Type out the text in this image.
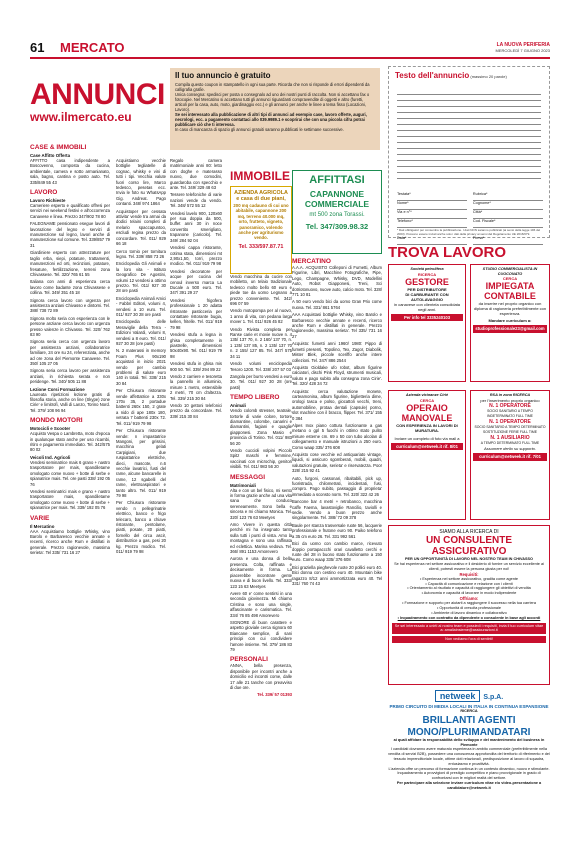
61 MERCATO	LA NUOVA PERIFERIA
MERCOLEDÌ 7 GIUGNO 2023
ANNUNCI
www.ilmercato.eu
Il tuo annuncio è gratuito

Compila questo coupon in stampatello in ogni sua parte. Ricorda che non si risponde di errori dipendenti da calligrafia grafie.

Unica consegna: spedisci per posta o consegnalo ad uno dei nostri punti di raccolta. Non si accettano fax o fotocopie. Nel Mercatino si accettano tutti gli annunci riguardanti compravendite di oggetti e altro (furetti, articoli per la casa, auto, moto, giardinaggio ecc.) e gli annunci per anche le linee a tema fisso (Locazioni, Lavoro).

Se sei interessato alla pubblicazione di altri tipi di annunci ad esempio case, lavoro offerte, auguri, necrologi, ecc. a pagamento contattaci allo 039.9989.1 e scoprirai che con una piccola cifra potrai pubblicare ciò che ti interessa.

In caso di mancanza di spazio gli annunci gratuiti saranno pubblicati le settimane successive.

Testo dell'annuncio (massimo 20 parole)
Testata*	Rubrica*
Nome*	Cognome*
Via e n°*	Città*
Telefono*	Cod. Fiscale*
* Dati obbligatori per consentire la pubblicazione. I dati NON saranno pubblicati (ai sensi della legge 196 del 2003). Possono essere inviati anche solo i dati della privacy ai sensi del Regolamento UE 2016/679.
Data*	Firma*
CASE & IMMOBILI
Case Affitto Offerta
AFFITTO casa indipendente a Boscovenno, composta da cucina, ambientale, camera e sotto armanianato, sala, bagno, cantina e posto auto. Tel. 335/849 55 43
LAVORO
Lavoro Richieste
Cameriere esperto e qualificato offresi per servizi nei weekend festivi e all'occorrenza Canavese e linea. Prezzo 347/902 78 80
FALEGNAME pensionato esegue lavori di lavorazione del legno e servizi di manutenzione sul legno, lavori anche di manutenzione sul comune. Tel. 339/857 79 31
Giardiniere esperto con attrezzature per taglio erba, siepi, potature, trattamenti, manutenzioni ed orti, recinzioni, potature, fresature, fertilizzazione, terreni zona Chivassese. Tel. 320/ 765 61 55
Italiana con anni di esperienza cerca lavoro come badante zona Chivassese e collina. Tel. 349/ 351 45 18
Signora cerca lavoro con urgenza per assistenza anziani Chivasso e dintorni. Tel. 388/ 738 72 89
Signora molto seria con esperienza con le persone anziane cerca lavoro con urgenza presso valenze in Chivasso. Tel. 320/ 762 83 90
Signora seria cerca con urgenza lavoro per assistenza anziani, collaboratrice familiare, 24 ore su 24, referenziata, anche ad ore zona del Piemonte Canavese. Tel. 350/ 105 27 05
Signora seria cerca lavoro per assistenza anziani, in richiesta serata e non peridenge. Tel. 340/ 505 11 88
Lezione Corsi Formazione
Laureata ripetizioni lezione gratis di filosofia storia, anche on line (Skype) zone Cirie' e limitrofi, Valli di Lanzo, Torino Nord. Tel. 379/ 108 96 94
MONDO MOTORI
Motocicli e Scooter
Acquisto Vespa o Lambretta, moto d'epoca in qualunque stato anche per uso ricambi, ritiro e pagamento immediato. Tel. 342/575 80 02
Veicoli Ind. Agricoli
Vendesi seminatrice mais 6 grano + nastro trasportatore per mais, spandiletame omologato come nuovo + botte di serbe e spianatrice mais. Tel. ore pasti 338/ 192 05 76
Vendesi seminatrici mais e grano + nastro trasportatore mais, spandiletame omologato come nuovo + botte di serbe + spianatrice per mais. Tel. 339/ 192 05 76
VARIE
Il Mercatino
AAA Acquistiamo bottiglie Whisky, vino Barolo e Barbaresco vecchie annate e recenti, ricerco anche Rum e distillati in generale. Prezzo ragionevole, massima serieta'. Tel 335/ 731 16 27
Acquistiamo vecchie bottiglie tegliatelle di cognac, whisky e vini di tutti i tipi. Vecchia valute fuori corso lire, Marco tedesco, pesetas ecc. Invia le foto su WhatsApp Gig. Andreat. Pago contanti. 348/ 974 1864
Acquistoper per cessata attivita' vende tra armai da dodici telaini completi di melario spaccapuntoo, escludi regina prezzo da concordare. Tel. 011/ 929 66 18
Cerco tornio per tornitura legno. Tel. 339/ 858 73 26
Enciclopedia Gli Animali e la loro vita - Istituto Geografico De Agostini, volumi 12 vendesi a ottimo prezzo. Tel. 011/ 927 30 28 ore pasti
Enciclopedia Animali Amici - Fabbri Editori, volumi 4, vendesi a 10 euro. Tel. 011/ 927 30 28 ore pasti
Enciclopedia delle Meraviglie della Terra - Edizioni Valardi, volumi 8, vendesi a 8 euro. Tel. 011/ 927 30 28 (ore pasti)
N. 2 materassi in memory Foam Plus 90x190 acquistati in inizio 2021 vendo per cambio problemi di salute euro 140 in totali. Tel. 338/ 215 30 84
Per Chiusura ristorante vende affettatrice a 330x 170x 35, 2 portadue battenti 260x 150, 2 grate a nido di ape 180x 180, vetrata 7 battenti 230x 72. Tel. 011/ 919 79 98
Per Chiusura ristorante vende: n impastatrice Mangoni, per grissini, macchina gelati Carpigiani, due ruspiattatrice elettriche, dieci, mascote, n.6 vecchie lavatrici, fusti del rame, alcune bancarelle in rame, 12 sgabelli del rame, elettroaspiratori e tanto altro. Tel. 011/ 919 79 98
Per Chiusura ristorante vendo n pellegrinatrie elettrico, banco e frigo telecaro, banco a chiave ristorante, pentolame, piatti, posate, 20 piatti, fornello del circa ascir, distributrice a gas, pesi 20 kg. Prezzo modico. Tel. 011/ 919 79 98
Regalo camera matrimoniale anni 80: letto con doghe e materasso nuovo, due comodini, guardaroba con specchio e ante. Tel. 349/ 329 48 63
Tessere telefoniche di varie nazioni vende da vendo. Tel. 348/ 572 55 12
Vendesi lavelo 900, 120x60 per sua doppia da 500, buffet anni 30 in noce convertito smerigliato, trapanone (caricolo). Tel. 349/ 284 92 04
Vendesi cappa ristorante, cotima stata, dimensioni mt 2,90x1,50, torri, prezzo modico. Tel. 011/ 919 79 98
Vendesi decoratore per acque per cucina del cenoul inverso marca La Ducale a 500 euro. Tel. 347/ 391 29 27
Vendesi frigofera professionale 1 20 adatta ristorante pasticceria per contattare ristorante bugia, kellen, fritelle. Tel. 011/ 919 79 98
Vendesi stufa a legna in ghisa completamente in piastrelle, dimensioni 50x40x90. Tel. 011/ 919 79 98
Vendesi stufa in ghisa mis 900 50. Tel. 339/ 294 89 22
Vendo 2 carriere e tesoretta la pannello in alluminio, misure 1 metro, estensibile 2 metri, 70 cm d'altezza. Tel. 339/ 215 30 84
Vendo 10 gettoni telefonici prezzo da concordare. Tel. 339/ 215 30 84
IMMOBILE
AZIENDA AGRICOLA e casa di due piani,
200 mq cadauno di cui uno abitabile, capannone 200 mq, terreno 40.000 mq, orto, frutteto, vigneto, panoramico, volendo anche per agriturismo vendo.
Tel. 333/597.87.71
Vendo macchina da cucire con mobiletto, un telaio tradizionale tedesco molto bello 60 euro e piede toe da uomo Legnano a prezzo conveniente. Tel. 342/ 696 07 59
Vendo motopompa per al nuovo, 1 anno di vita, con pedana larga mover 1. Tel. 011/ 926 45 82
Vendo Rivista completa per Ranse carie et movie nuove n. 4 135/ 137 70, n. 2 160/ 137 70, n. 1 135/ 137 85, n. 2 135/ 137 70 n. 2 155/ 127 85. Tel. 347/ 575 34 11
Vendo volumi enciclopedia Tesoro 1200. Tel. 338/ 207 57 03
Zangola per burro vendesi a euro 30. Tel. 011/ 927 30 28 (ore pasti)
TEMPO LIBERO
Animali
Vendo colomb stresser, teatrale, tortorle di varie colore, tortore diamantine, colombe, canarini e diamantini, fagiani e quaglie giapponesi. Zona Masio e provincia di Torino. Tel. 011/ 983 56 20
Vendo cuccioli volpini Piccolo Spitz maschi e femmine, vaccinati con microchip, genitori visibili. Tel. 011/ 983 56 20
MESSAGGI
Matrimoniali
Alta e con un bel fisico, mi sento in forma grazie anche ad una vita sana che conduco sereneamente. Sono bella e sincera e mi chiamo Monica. Tel. 320/ 123 76 63 Meetyes
Amo Vivere in questa città perché mi ha insegnato tanto sulla tutti i punti di vista. Amo la montagna e sono una raffinata ed eclettica. Marina vedova. Tel. 366/ 891 1153 Amorevero
Aurora e una donna di bella presenza. Colta, raffinata e decisamente in forma. La piacerebbe incontrare gente nuova e di buon livello. Tel. 333/ 123 15 63 Meetyes
Avere 60 e' come sentirsi in una seconda giovinezza. Mi chiamo Cristina e sono una single, affascinante e carismatica. Tel. 334/ 76 85 498 Amorevero
SIGNORE di buon carattere e aspetto gioviale cerca signora 60 Biancane semplice, di sani principi con cui condividere l'amore insieme. Tel. 379/ 186 83 79
PERSONALI
ANNA, bella presenza, disponibile per incontri anche a domicilio ed incontri come, dalle 17 alle 21 tanche con preavviso di due ore.
Tel. 339/ 57 01393
AFFITTASI
CAPANNONE COMMERCIALE
mt 500 zona Torassi.
Tel. 347/309.98.32
MERCATINO
A.A.A. ACQUISTO Colleponi di Fumetti, Album Figurine, Libri, Macchine Fotografiche, Pipe, Lego, Champagne, Whisky, DVD, Modellini Auto, Robot Giapponesi, Treni, Sci dotriotonuovo, nuove auto, calcio moto. Tel. 328/ 771 10 81
A 50 euro vendo bici da uomo Gran Prix come nuova. Tel. 331/ 861 5764
AAA Acquistasi bottiglie Whisky, vino Barolo e Barbaresco vecchie annate e recenti, ricerco anche Rum e distillati in generale. Prezzo ragionevole, massima serieta'. Tel 335/ 731 16 27
Acquisto: fumetti anni 1960/ 1980: Pippo di fumetti presenti, Topolino, Tex, Zagor, Diabolik, Mister Blek, piccole sceriffo anche intere collezioni. Tel. 347/ 886 2544
Acquisto Gioldake ufo robot, album figurine calciatori, dischi Pink Floyd, strumenti musicali, valuto e pago subito alla consegna zona Cirie'. Tel. 320/ 428 34 72
Acquisto: cerca valutazione monete, carteamonina, album figurine, biglietteria dime, orologi tasca e polso, giocattoli vecchi, treni, automobiline, protaa dentali (capsule) porno, slot machine con il bracco, flipper. Tel. 371/ 155 0 384
Alpes Inox piano cottura funzionante a gas metano o gpl 5 fuochi in ottimo stato pulito misure esterne cm. 69 x 50 con tubo alcolan di collegamento e manuale istruzioni a 250 euro. Como waap 335/ 376 608
Acquisto cose vecchie ed antiquariato vintage, liquidi, si assicuro sgomberati, mobili, quadri, valutazioni gratuite, serieta' e riservatezza. Poor 328/ 215 92 41
Auto, furgoni, cassonari, ribaltabili, pick up, fuoristrada, chilometrati, incidentati, fusi, compro. Pago subito, passaggio di proprieta' immediato a sconsto norm. Tel. 320/ 322 42 26
Bancone bar 4 metri + retrobanco, macchina caffe Faema, lavastoviglie Rancilio, taviolli e sedie. Vendo a buon prezzo anche singolarmente. Tel. 388/ 72 09 378
Baule per stanza trasversale ruote 56, lacquerie professionale e frutone euro 90. Paiko telefono a 35 cm euro 26. Tel. 331 992 561
Bici da uomo con cambio marce, ricevuto doppio portapaccchi orari cavalletto cerchi e ruote del 28 in buono stato funzionante a 150 euro. Como waap 335/ 376 608
Bici graziella pieghevole ruote 20 pollici euro 40. Bici donna con cestino euro 40. Mountain bike ragazzo 8/12 anni ammortizzata euro 40. Tel 331/ 760 74 43
TROVA LAVORO
Società petrolifera
RICERCA
GESTORE
PER DISTRIBUTORE
DI CARBURANTE CON
AUTOLAVAGGIO
in canavese con clientela consolidata negli anni.
Per info tel 3335240103
STUDIO COMMERCIALISTA IN CUOCONATO
CERCA
IMPIEGATA CONTABILE
da inserire nel proprio organico con diploma di ragioneria preferibilmente con esperienza.
Mandare curriculum a:
studioprofessionale23@gmail.com
Azienda vicinanze Ciriè
CERCA
OPERAIO MANOVALE
CON ESPERIENZA IN LAVORI DI MURATURA.
Inviare un completo di foto via mail a
curriculum@netweek.it rif. 8/01
RSA in zona RICERCA
per l'inserimento proprio organico
N. 1 OPERATORE
SOCIO SANITARIO A TEMPO INDETERMINATO FULL TIME
N. 1 OPERATORE
SOCIO SANITARIO A TEMPO DETERMINATO SOSTITUZIONE FERIE FULL TIME
N. 1 AUSILIARIO
A TEMPO DETERMINATO FULL TIME
Assumere derilo su supporto.
curriculum@netweek.it rif. 7/01
SIAMO ALLA RICERCA DI
UN CONSULENTE ASSICURATIVO
PER UN OPPORTUNITÀ DI LAVORO NEL NOSTRO TEAM IN CHIVASSO
Se hai esperienza nel settore assicurativo e il desiderio di fornire un servizio eccellente ai clienti, potresti essere la persona giusta per noi!
Requisiti:
• Esperienza nel settore assicurativo, gradita come agente
• Capacità di comunicazione e relazione con i clienti
• Orientamento al risultato e capacità di raggiungere gli obiettivi di vendita
• Autonomia e capacità di lavorare in modo indipendente
Offriamo:
• Formazione e supporto per aiutarti a raggiungere il successo nella tua carriera
• Opportunità di crescita professionale
• Ambiente di lavoro dinamico e collaborativo
• Inquadramento con contratto da dipendente o consulente in base agli accordi
Se sei interessato a unirti al nostro team e possiedi i requisiti, invia il tuo curriculum vitae a: amaliainsieme@assicurazioni.it
Non vediamo l'ora di sentirti!
netweek S.p.A.
PRIMO CIRCUITO DI MEDIA LOCALI IN ITALIA IN CONTINUA ESPANSIONE
RICERCA
BRILLANTI AGENTI
MONO/PLURIMANDATARI
ai quali affidare la responsabilità dello sviluppo e del mantenimento del business in Piemonte
I candidati dovranno avere maturato esperienza in ambito commerciale (preferibilmente nella vendita di servizi B2B), possedere una conoscenza approfondita del territorio di riferimento e del tessuto imprenditoriale locale, ottime doti relazionali, predisposizione al lavoro di squadra, entusiasmo e proattività.
L'azienda offre un percorso di formazione continua in un contesto dinamico, nuovo e stimolante. Inquadramento a provvigioni di prestigio competitivo e piano provvigionale in grado di confrontarsi con le migliori realtà del settore.
Per partecipare alla selezione inviare curriculum vitae e/o video-presentazione a candidature@netweek.it
